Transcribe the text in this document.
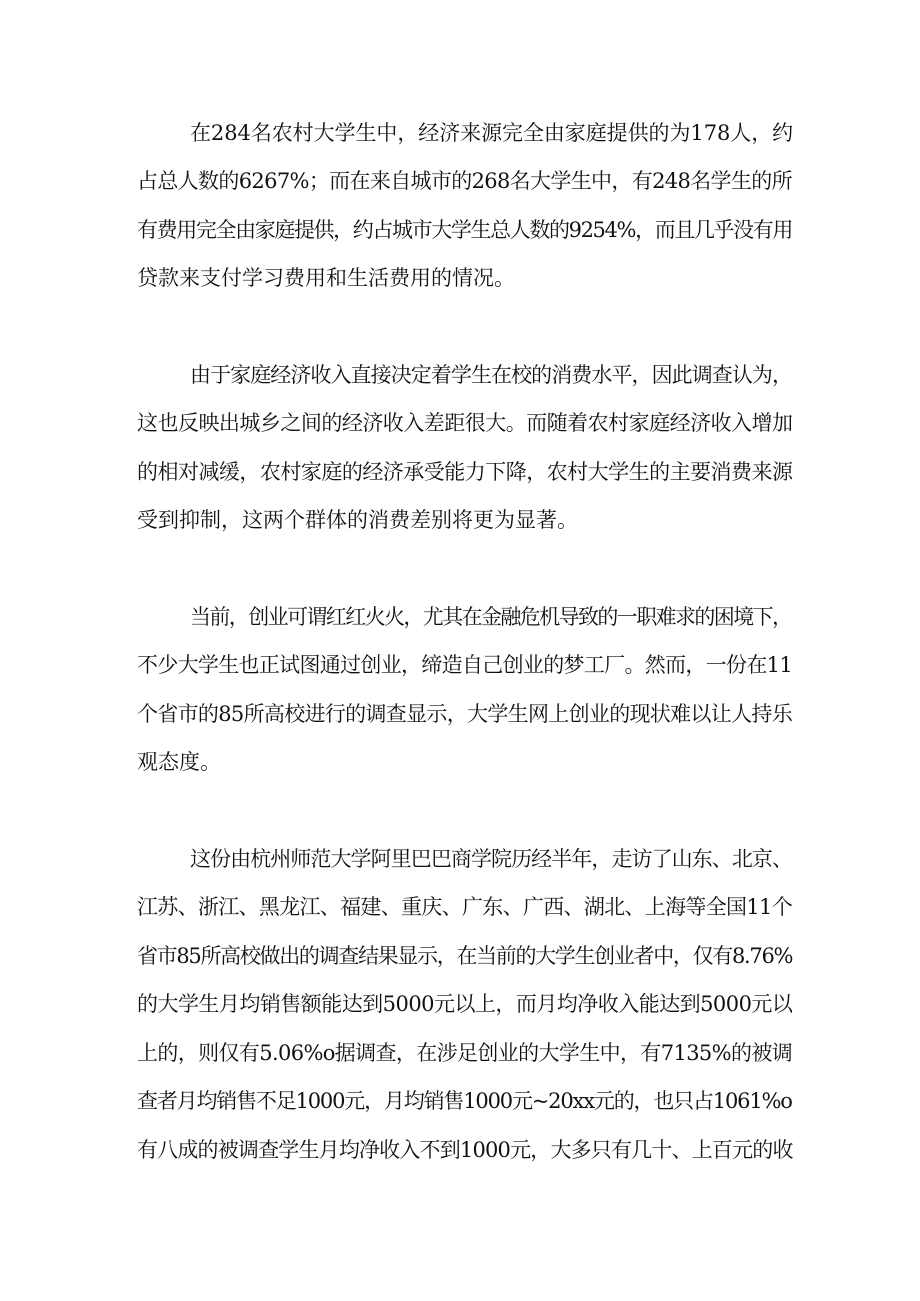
在284名农村大学生中，经济来源完全由家庭提供的为178人，约

占总人数的6267%；而在来自城市的268名大学生中，有248名学生的所

有费用完全由家庭提供，约占城市大学生总人数的9254%，而且几乎没有用

贷款来支付学习费用和生活费用的情况。

由于家庭经济收入直接决定着学生在校的消费水平，因此调查认为，

这也反映出城乡之间的经济收入差距很大。而随着农村家庭经济收入增加

的相对减缓，农村家庭的经济承受能力下降，农村大学生的主要消费来源

受到抑制，这两个群体的消费差别将更为显著。

当前，创业可谓红红火火，尤其在金融危机导致的一职难求的困境下，

不少大学生也正试图通过创业，缔造自己创业的梦工厂。然而，一份在11

个省市的85所高校进行的调查显示，大学生网上创业的现状难以让人持乐

观态度。

这份由杭州师范大学阿里巴巴商学院历经半年，走访了山东、北京、

江苏、浙江、黑龙江、福建、重庆、广东、广西、湖北、上海等全国11个

省市85所高校做出的调查结果显示，在当前的大学生创业者中，仅有8.76%

的大学生月均销售额能达到5000元以上，而月均净收入能达到5000元以

上的，则仅有5.06%o据调查，在涉足创业的大学生中，有7135%的被调

查者月均销售不足1000元，月均销售1000元~20xx元的，也只占1061%o

有八成的被调查学生月均净收入不到1000元，大多只有几十、上百元的收
